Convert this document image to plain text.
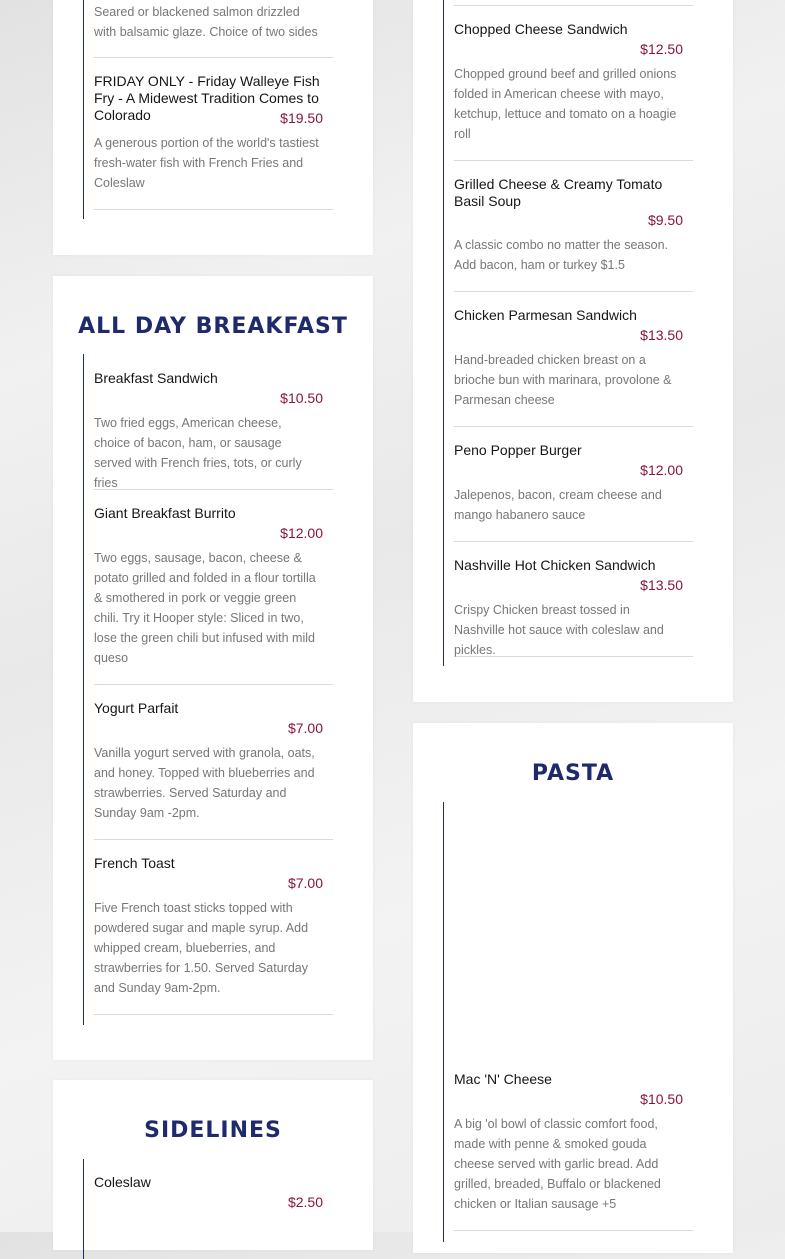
Seared or blackened salmon drizzled with balsamic glaze. Choice of two sides
FRIDAY ONLY - Friday Walleye Fish Fry - A Midewest Tradition Comes to Colorado	$19.50
A generous portion of the world's tastiest fresh-water fish with French Fries and Coleslaw
ALL DAY BREAKFAST
Breakfast Sandwich
$10.50
Two fried eggs, American cheese, choice of bacon, ham, or sausage served with French fries, tots, or curly fries
Giant Breakfast Burrito
$12.00
Two eggs, sausage, bacon, cheese & potato grilled and folded in a flour tortilla & smothered in pork or veggie green chili. Try it Hooper style: Sliced in two, lose the green chili but infused with mild queso
Yogurt Parfait
$7.00
Vanilla yogurt served with granola, oats, and honey. Topped with blueberries and strawberries. Served Saturday and Sunday 9am -2pm.
French Toast
$7.00
Five French toast sticks topped with powdered sugar and maple syrup. Add whipped cream, blueberries, and strawberries for 1.50. Served Saturday and Sunday 9am-2pm.
SIDELINES
Coleslaw
$2.50
Chopped Cheese Sandwich
$12.50
Chopped ground beef and grilled onions folded in American cheese with mayo, ketchup, lettuce and tomato on a hoagie roll
Grilled Cheese & Creamy Tomato Basil Soup
$9.50
A classic combo no matter the season. Add bacon, ham or turkey $1.5
Chicken Parmesan Sandwich
$13.50
Hand-breaded chicken breast on a brioche bun with marinara, provolone & Parmesan cheese
Peno Popper Burger
$12.00
Jalepenos, bacon, cream cheese and mango habanero sauce
Nashville Hot Chicken Sandwich
$13.50
Crispy Chicken breast tossed in Nashville hot sauce with coleslaw and pickles.
PASTA
Mac 'N' Cheese
$10.50
A big 'ol bowl of classic comfort food, made with penne & smoked gouda cheese served with garlic bread. Add grilled, breaded, Buffalo or blackened chicken or Italian sausage +5
